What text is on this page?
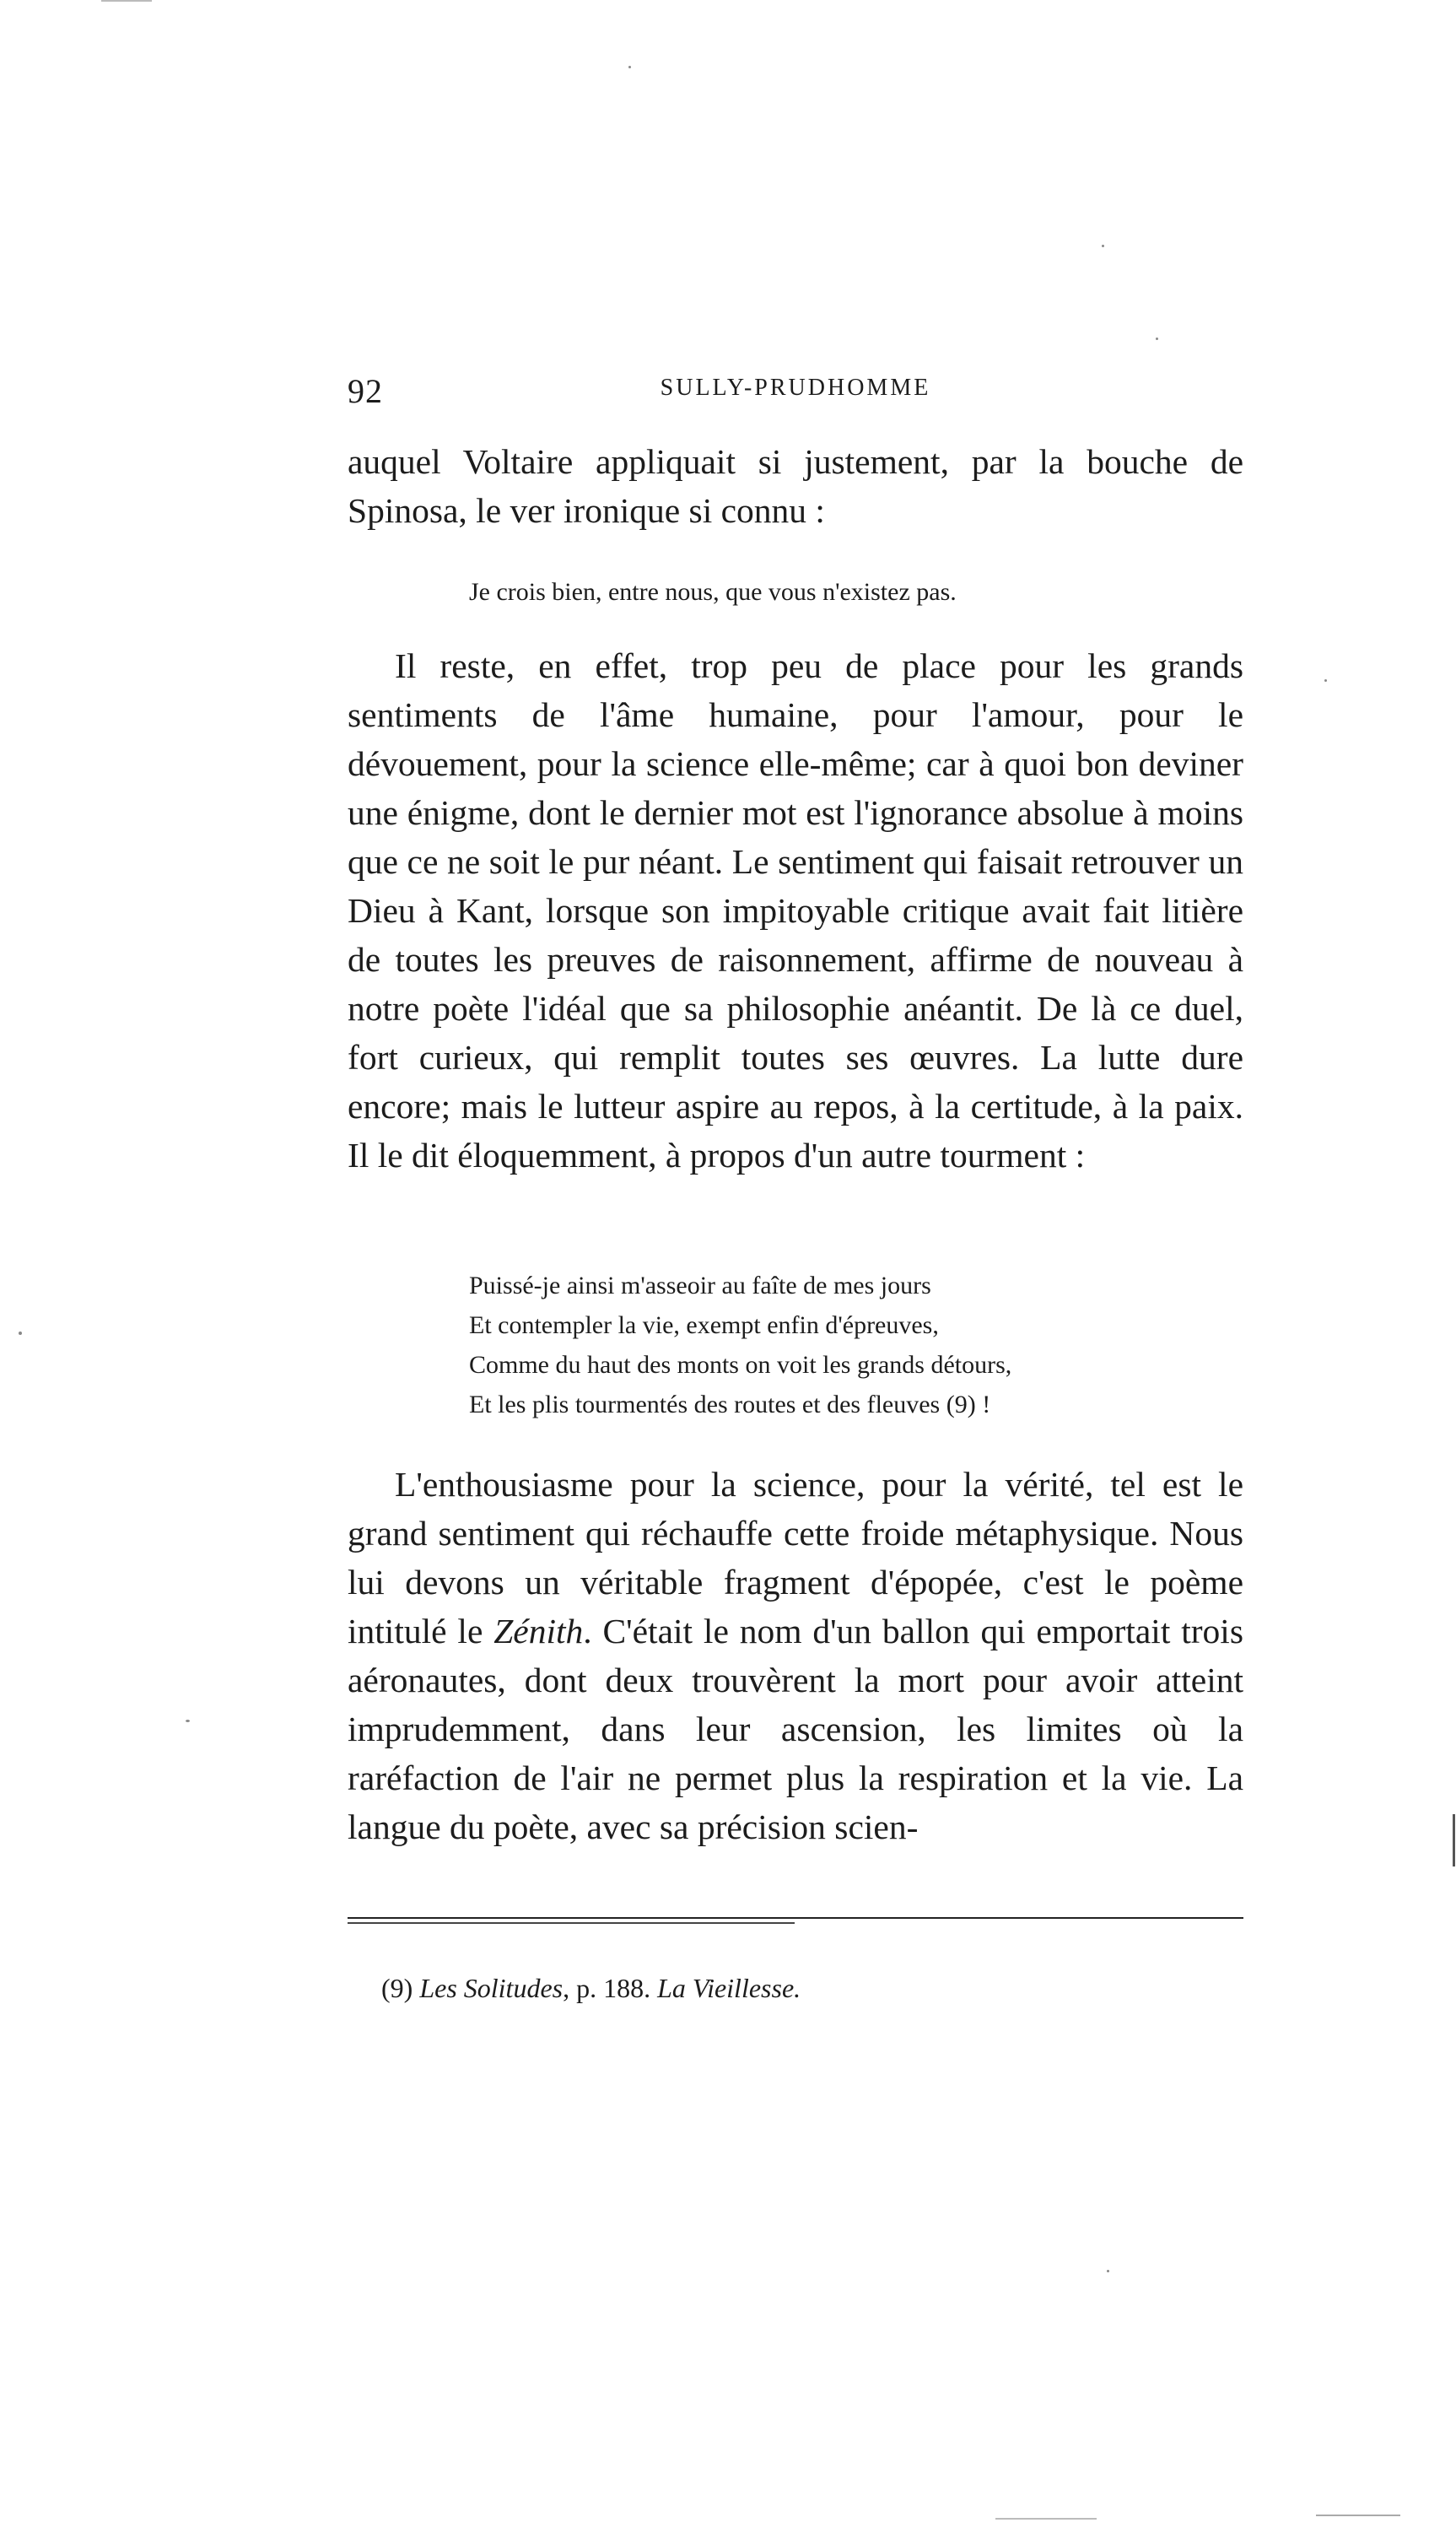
92	SULLY-PRUDHOMME

auquel Voltaire appliquait si justement, par la bouche de Spinosa, le ver ironique si connu :

Je crois bien, entre nous, que vous n'existez pas.

Il reste, en effet, trop peu de place pour les grands sentiments de l'âme humaine, pour l'amour, pour le dévouement, pour la science elle-même; car à quoi bon deviner une énigme, dont le dernier mot est l'ignorance absolue à moins que ce ne soit le pur néant. Le sentiment qui faisait retrouver un Dieu à Kant, lorsque son impitoyable critique avait fait litière de toutes les preuves de raisonnement, affirme de nouveau à notre poète l'idéal que sa philosophie anéantit. De là ce duel, fort curieux, qui remplit toutes ses œuvres. La lutte dure encore; mais le lutteur aspire au repos, à la certitude, à la paix. Il le dit éloquemment, à propos d'un autre tourment :

Puissé-je ainsi m'asseoir au faîte de mes jours
Et contempler la vie, exempt enfin d'épreuves,
Comme du haut des monts on voit les grands détours,
Et les plis tourmentés des routes et des fleuves (9) !

L'enthousiasme pour la science, pour la vérité, tel est le grand sentiment qui réchauffe cette froide métaphysique. Nous lui devons un véritable fragment d'épopée, c'est le poème intitulé le Zénith. C'était le nom d'un ballon qui emportait trois aéronautes, dont deux trouvèrent la mort pour avoir atteint imprudemment, dans leur ascension, les limites où la raréfaction de l'air ne permet plus la respiration et la vie. La langue du poète, avec sa précision scien-

(9) Les Solitudes, p. 188. La Vieillesse.
